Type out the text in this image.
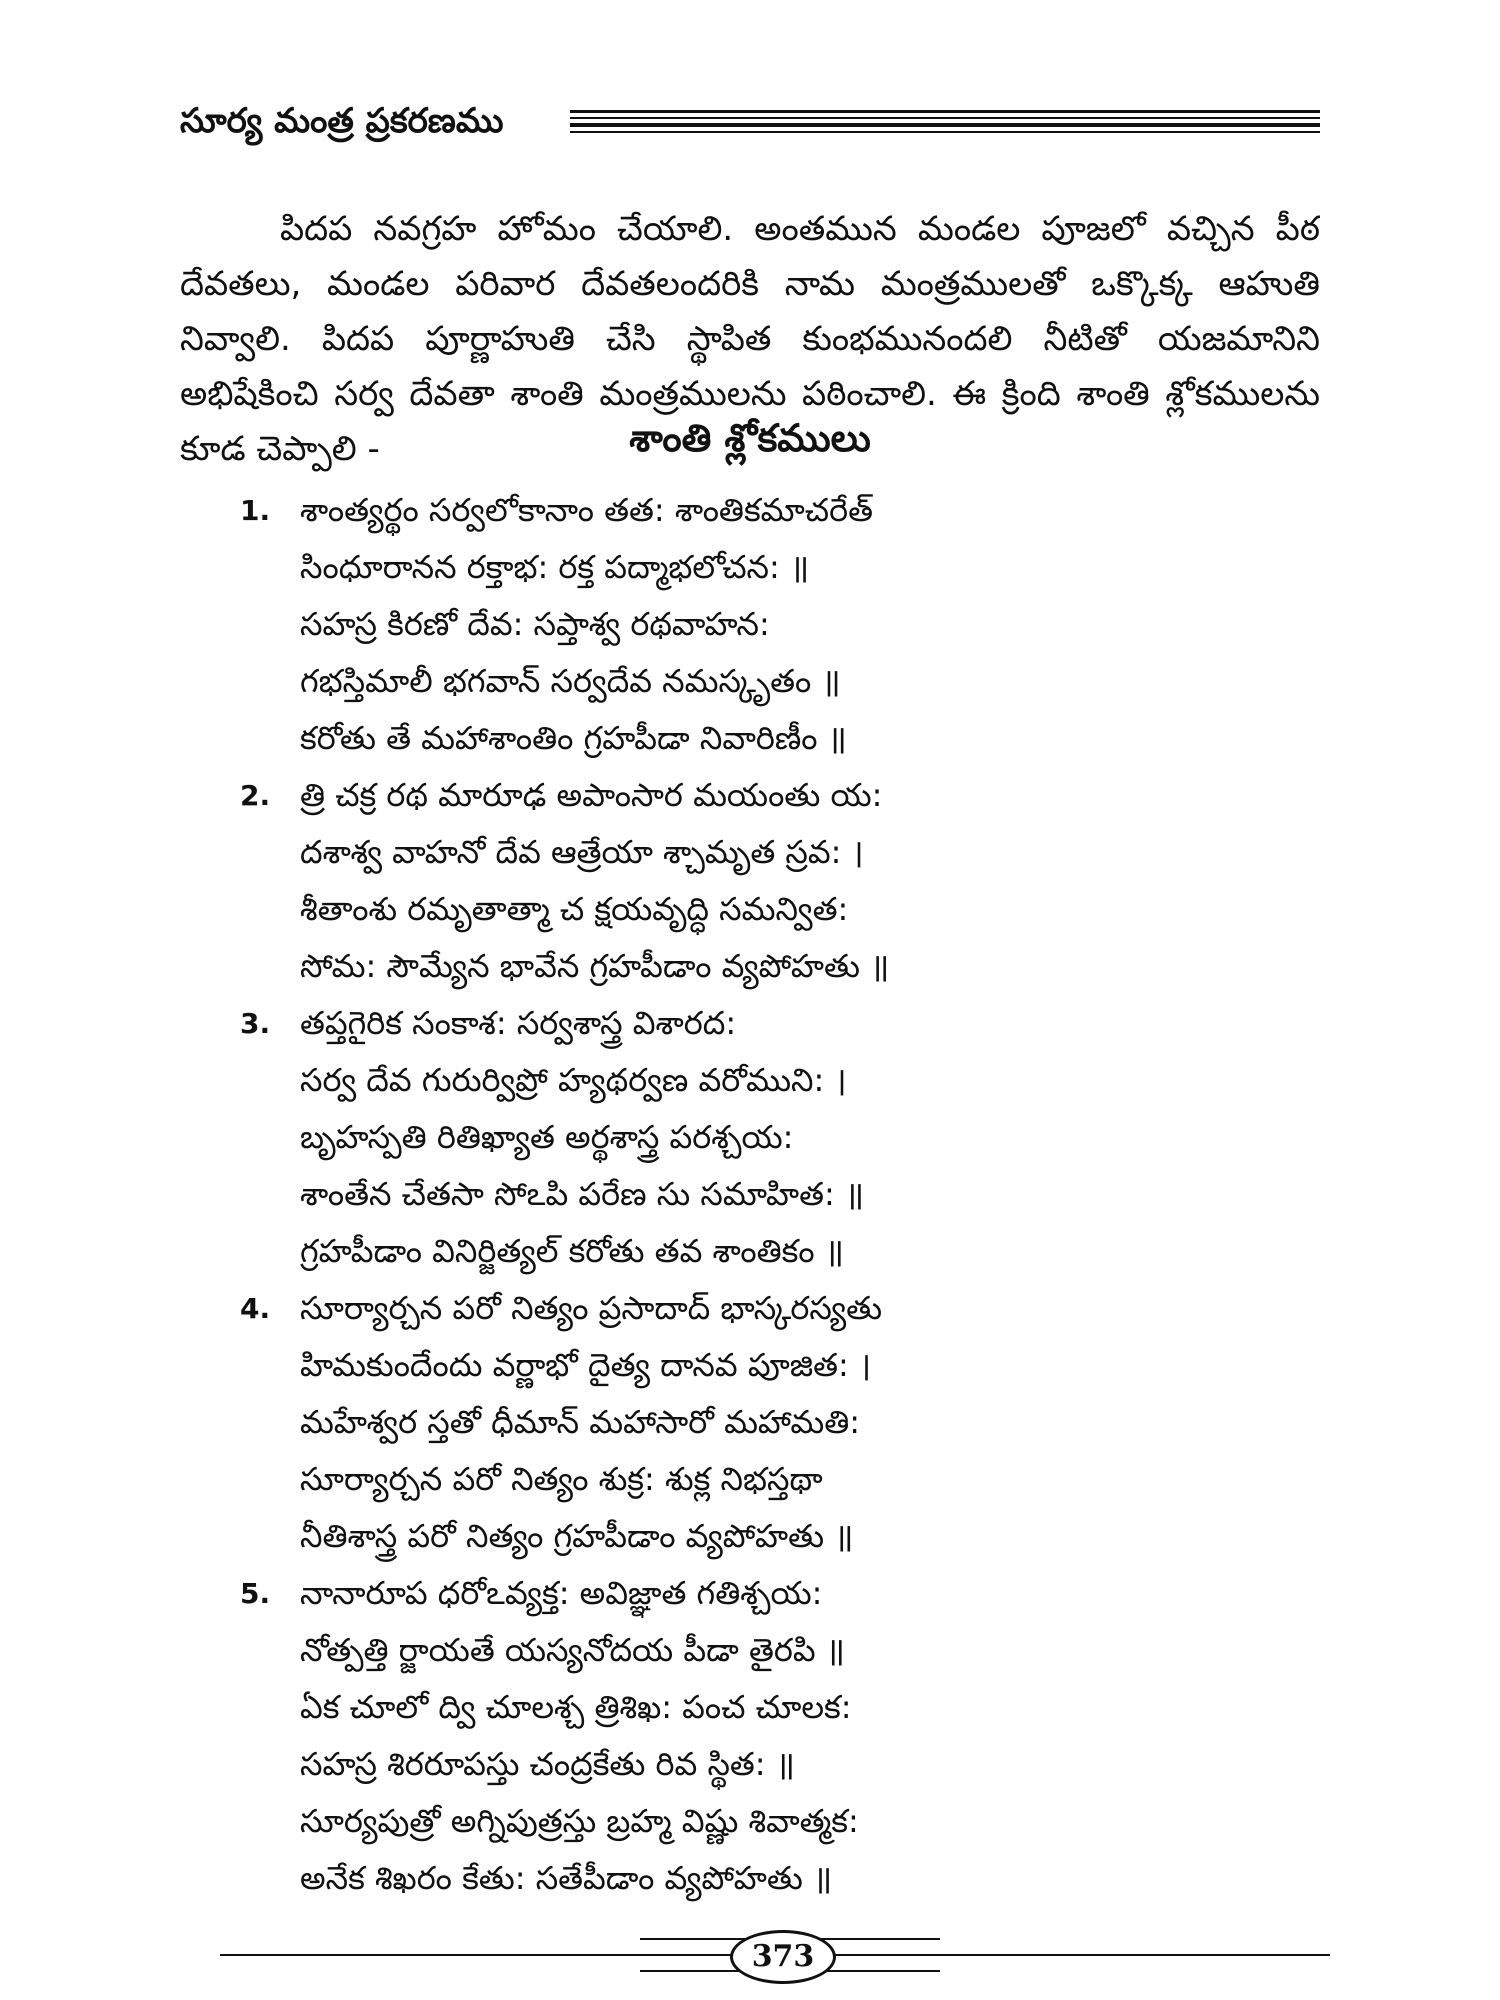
సూర్య మంత్ర ప్రకరణము

పిదప నవగ్రహ హోమం చేయాలి. అంతమున మండల పూజలో వచ్చిన పీఠ దేవతలు, మండల పరివార దేవతలందరికి నామ మంత్రములతో ఒక్కొక్క ఆహుతి నివ్వాలి. పిదప పూర్ణాహుతి చేసి స్థాపిత కుంభమునందలి నీటితో యజమానిని అభిషేకించి సర్వ దేవతా శాంతి మంత్రములను పఠించాలి. ఈ క్రింది శాంతి శ్లోకములను కూడ చెప్పాలి -	శాంతి శ్లోకములు
1. శాంత్యర్థం సర్వలోకానాం తత: శాంతికమాచరేత్
సింధూరానన రక్తాభ: రక్త పద్మాభలోచన: ॥
సహస్ర కిరణో దేవ: సప్తాశ్వ రథవాహన:
గభస్తిమాలీ భగవాన్ సర్వదేవ నమస్కృతం ॥
కరోతు తే మహాశాంతిం గ్రహపీడా నివారిణీం ॥
2. త్రి చక్ర రథ మారూఢ అపాంసార మయంతు య:
దశాశ్వ వాహనో దేవ ఆత్రేయా శ్చామృత స్రవ: ।
శీతాంశు రమృతాత్మా చ క్షయవృద్ధి సమన్విత:
సోమ: సౌమ్యేన భావేన గ్రహపీడాం వ్యపోహతు ॥
3. తప్తగైరిక సంకాశ: సర్వశాస్త్ర విశారద:
సర్వ దేవ గురుర్విప్రో హ్యథర్వణ వరోముని: ।
బృహస్పతి రితిఖ్యాత అర్థశాస్త్ర పరశ్చయ:
శాంతేన చేతసా సోఽపి పరేణ సు సమాహిత: ॥
గ్రహపీడాం వినిర్జిత్యల్ కరోతు తవ శాంతికం ॥
4. సూర్యార్చన పరో నిత్యం ప్రసాదాద్ భాస్కరస్యతు
హిమకుందేందు వర్ణాభో దైత్య దానవ పూజిత: ।
మహేశ్వర స్తతో ధీమాన్ మహాసారో మహామతి:
సూర్యార్చన పరో నిత్యం శుక్ర: శుక్ల నిభస్తథా
నీతిశాస్త్ర పరో నిత్యం గ్రహపీడాం వ్యపోహతు ॥
5. నానారూప ధరోఽవ్యక్త: అవిజ్ఞాత గతిశ్చయ:
నోత్పత్తి ర్జాయతే యస్యనోదయ పీడా తైరపి ॥
ఏక చూలో ద్వి చూలశ్చ త్రిశిఖ: పంచ చూలక:
సహస్ర శిరరూపస్తు చంద్రకేతు రివ స్థిత: ॥
సూర్యపుత్రో అగ్నిపుత్రస్తు బ్రహ్మ విష్ణు శివాత్మక:
అనేక శిఖరం కేతు: సతేపీడాం వ్యపోహతు ॥
373
